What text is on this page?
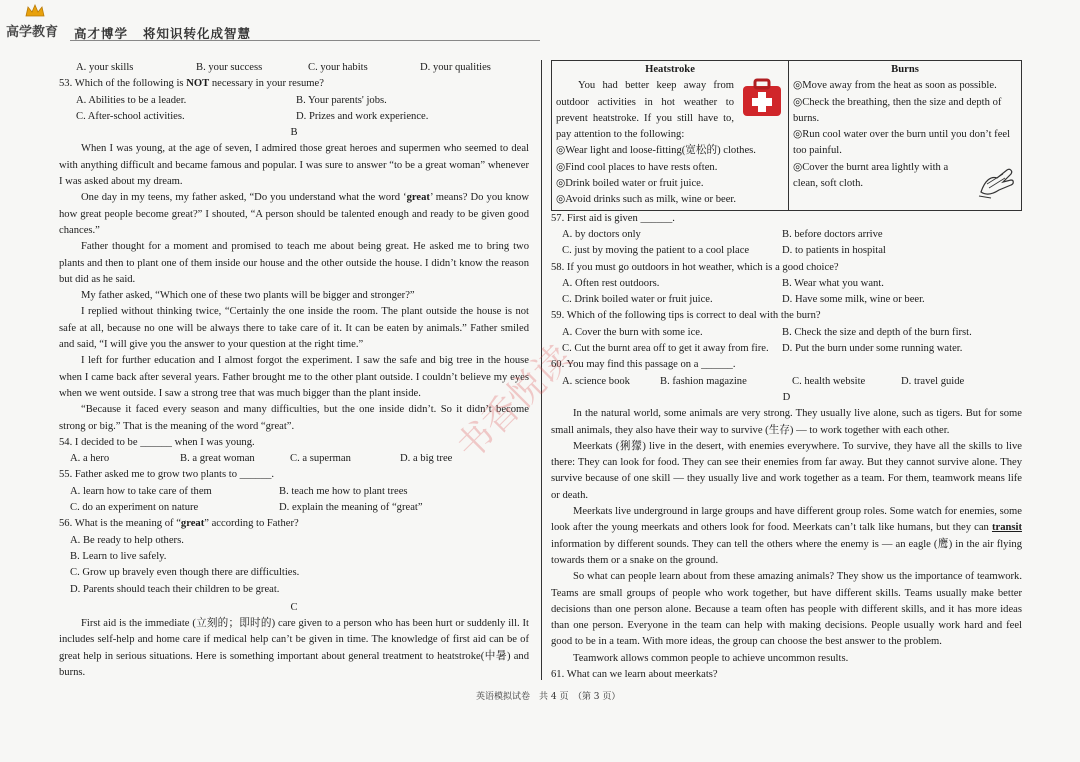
高学教育 高才博学 将知识转化成智慧
A. your skills	B. your success	C. your habits	D. your qualities

53. Which of the following is NOT necessary in your resume?

A. Abilities to be a leader.	B. Your parents' jobs.
C. After-school activities.	D. Prizes and work experience.

B

When I was young, at the age of seven, I admired those great heroes and supermen who seemed to deal with anything difficult and became famous and popular. I was sure to answer “to be a great woman” whenever I was asked about my dream.

One day in my teens, my father asked, “Do you understand what the word ‘great’ means? Do you know how great people become great?” I shouted, “A person should be talented enough and ready to be given good chances.”

Father thought for a moment and promised to teach me about being great. He asked me to bring two plants and then to plant one of them inside our house and the other outside the house. I didn’t know the reason but did as he said.

My father asked, “Which one of these two plants will be bigger and stronger?”

I replied without thinking twice, “Certainly the one inside the room. The plant outside the house is not safe at all, because no one will be always there to take care of it. It can be eaten by animals.” Father smiled and said, “I will give you the answer to your question at the right time.”

I left for further education and I almost forgot the experiment. I saw the safe and big tree in the house when I came back after several years. Father brought me to the other plant outside. I couldn’t believe my eyes when we went outside. I saw a strong tree that was much bigger than the plant inside.

“Because it faced every season and many difficulties, but the one inside didn’t. So it didn’t become strong or big.” That is the meaning of the word “great”.

54. I decided to be ______ when I was young.

A. a hero	B. a great woman	C. a superman	D. a big tree

55. Father asked me to grow two plants to ______.

A. learn how to take care of them	B. teach me how to plant trees
C. do an experiment on nature	D. explain the meaning of “great”

56. What is the meaning of “great” according to Father?

A. Be ready to help others.

B. Learn to live safely.

C. Grow up bravely even though there are difficulties.

D. Parents should teach their children to be great.

C

First aid is the immediate (立刻的；即时的) care given to a person who has been hurt or suddenly ill. It includes self-help and home care if medical help can’t be given in time. The knowledge of first aid can be of great help in serious situations. Here is something important about general treatment to heatstroke(中暑) and burns.

Heatstroke
You had better keep away from outdoor activities in hot weather to prevent heatstroke. If you still have to, pay attention to the following:
◎Wear light and loose-fitting(宽松的) clothes.
◎Find cool places to have rests often.
◎Drink boiled water or fruit juice.
◎Avoid drinks such as milk, wine or beer.

Burns
◎Move away from the heat as soon as possible.
◎Check the breathing, then the size and depth of burns.
◎Run cool water over the burn until you don’t feel too painful.
◎Cover the burnt area lightly with a clean, soft cloth.

57. First aid is given ______.

A. by doctors only	B. before doctors arrive
C. just by moving the patient to a cool place	D. to patients in hospital

58. If you must go outdoors in hot weather, which is a good choice?

A. Often rest outdoors.	B. Wear what you want.
C. Drink boiled water or fruit juice.	D. Have some milk, wine or beer.

59. Which of the following tips is correct to deal with the burn?

A. Cover the burn with some ice.	B. Check the size and depth of the burn first.
C. Cut the burnt area off to get it away from fire.	D. Put the burn under some running water.

60. You may find this passage on a ______.

A. science book	B. fashion magazine	C. health website	D. travel guide

D

In the natural world, some animals are very strong. They usually live alone, such as tigers. But for some small animals, they also have their way to survive (生存) — to work together with each other.

Meerkats (猁獴) live in the desert, with enemies everywhere. To survive, they have all the skills to live there: They can look for food. They can see their enemies from far away. But they cannot survive alone. They survive because of one skill — they usually live and work together as a team. For them, teamwork means life or death.

Meerkats live underground in large groups and have different group roles. Some watch for enemies, some look after the young meerkats and others look for food. Meerkats can’t talk like humans, but they can transit information by different sounds. They can tell the others where the enemy is — an eagle (鹰) in the air flying towards them or a snake on the ground.

So what can people learn about from these amazing animals? They show us the importance of teamwork. Teams are small groups of people who work together, but have different skills. Teams usually make better decisions than one person alone. Because a team often has people with different skills, and it has more ideas than one person. Everyone in the team can help with making decisions. People usually work hard and feel good to be in a team. With more ideas, the group can choose the best answer to the problem.

Teamwork allows common people to achieve uncommon results.

61. What can we learn about meerkats?

书香悦读
英语模拟试卷　共 4 页　（第 3 页）
